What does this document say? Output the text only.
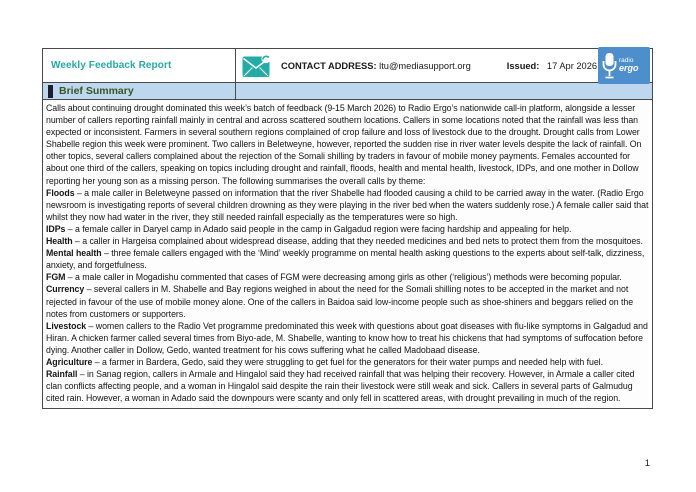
Weekly Feedback Report	CONTACT ADDRESS: ltu@mediasupport.org	Issued: 17 Apr 2026
radio
ergo
Brief Summary
Calls about continuing drought dominated this week’s batch of feedback (9-15 March 2026) to Radio Ergo’s nationwide call-in platform, alongside a lesser number of callers reporting rainfall mainly in central and across scattered southern locations. Callers in some locations noted that the rainfall was less than expected or inconsistent. Farmers in several southern regions complained of crop failure and loss of livestock due to the drought. Drought calls from Lower Shabelle region this week were prominent. Two callers in Beletweyne, however, reported the sudden rise in river water levels despite the lack of rainfall. On other topics, several callers complained about the rejection of the Somali shilling by traders in favour of mobile money payments. Females accounted for about one third of the callers, speaking on topics including drought and rainfall, floods, health and mental health, livestock, IDPs, and one mother in Dollow reporting her young son as a missing person. The following summarises the overall calls by theme:
Floods – a male caller in Beletweyne passed on information that the river Shabelle had flooded causing a child to be carried away in the water. (Radio Ergo newsroom is investigating reports of several children drowning as they were playing in the river bed when the waters suddenly rose.) A female caller said that whilst they now had water in the river, they still needed rainfall especially as the temperatures were so high.
IDPs – a female caller in Daryel camp in Adado said people in the camp in Galgadud region were facing hardship and appealing for help.
Health – a caller in Hargeisa complained about widespread disease, adding that they needed medicines and bed nets to protect them from the mosquitoes.
Mental health – three female callers engaged with the ‘Mind’ weekly programme on mental health asking questions to the experts about self-talk, dizziness, anxiety, and forgetfulness.
FGM – a male caller in Mogadishu commented that cases of FGM were decreasing among girls as other (‘religious’) methods were becoming popular.
Currency – several callers in M. Shabelle and Bay regions weighed in about the need for the Somali shilling notes to be accepted in the market and not rejected in favour of the use of mobile money alone. One of the callers in Baidoa said low-income people such as shoe-shiners and beggars relied on the notes from customers or supporters.
Livestock – women callers to the Radio Vet programme predominated this week with questions about goat diseases with flu-like symptoms in Galgadud and Hiran. A chicken farmer called several times from Biyo-ade, M. Shabelle, wanting to know how to treat his chickens that had symptoms of suffocation before dying. Another caller in Dollow, Gedo, wanted treatment for his cows suffering what he called Madobaad disease.
Agriculture – a farmer in Bardera, Gedo, said they were struggling to get fuel for the generators for their water pumps and needed help with fuel.
Rainfall – in Sanag region, callers in Armale and Hingalol said they had received rainfall that was helping their recovery. However, in Armale a caller cited clan conflicts affecting people, and a woman in Hingalol said despite the rain their livestock were still weak and sick. Callers in several parts of Galmudug cited rain. However, a woman in Adado said the downpours were scanty and only fell in scattered areas, with drought prevailing in much of the region.
1
